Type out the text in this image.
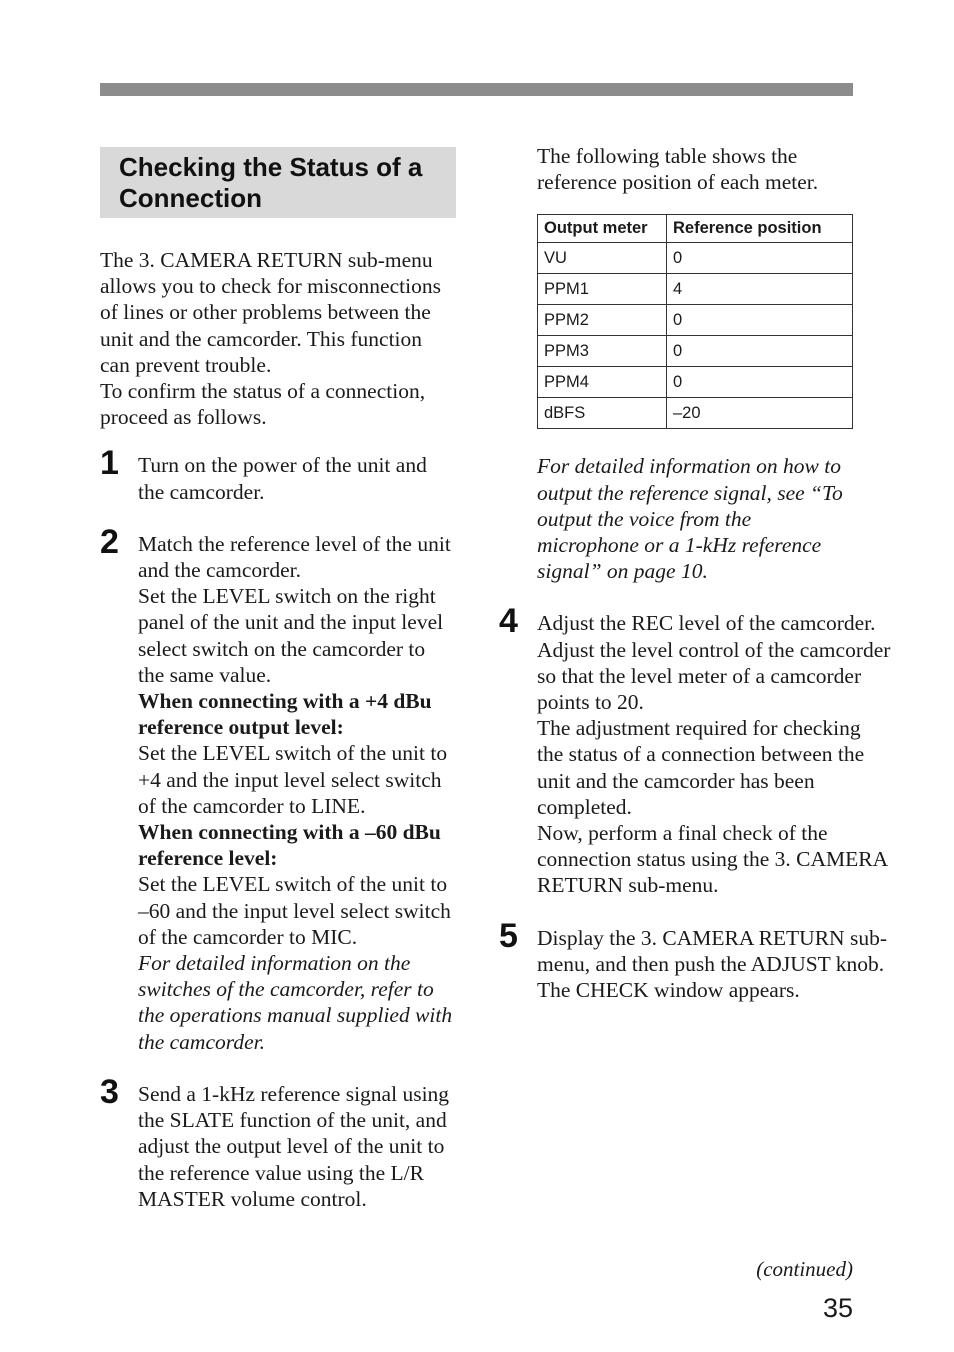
Checking the Status of a Connection

The 3. CAMERA RETURN sub-menu allows you to check for misconnections of lines or other problems between the unit and the camcorder. This function can prevent trouble.

To confirm the status of a connection, proceed as follows.

1 Turn on the power of the unit and the camcorder.

2 Match the reference level of the unit and the camcorder.

Set the LEVEL switch on the right panel of the unit and the input level select switch on the camcorder to the same value.

When connecting with a +4 dBu reference output level:

Set the LEVEL switch of the unit to +4 and the input level select switch of the camcorder to LINE.

When connecting with a –60 dBu reference level:

Set the LEVEL switch of the unit to –60 and the input level select switch of the camcorder to MIC.

For detailed information on the switches of the camcorder, refer to the operations manual supplied with the camcorder.

3 Send a 1-kHz reference signal using the SLATE function of the unit, and adjust the output level of the unit to the reference value using the L/R MASTER volume control.

The following table shows the reference position of each meter.

Output meter	Reference position
VU	0
PPM1	4
PPM2	0
PPM3	0
PPM4	0
dBFS	–20

For detailed information on how to output the reference signal, see “To output the voice from the microphone or a 1-kHz reference signal” on page 10.

4 Adjust the REC level of the camcorder.

Adjust the level control of the camcorder so that the level meter of a camcorder points to 20.

The adjustment required for checking the status of a connection between the unit and the camcorder has been completed.

Now, perform a final check of the connection status using the 3. CAMERA RETURN sub-menu.

5 Display the 3. CAMERA RETURN sub-menu, and then push the ADJUST knob.

The CHECK window appears.

(continued)
35
